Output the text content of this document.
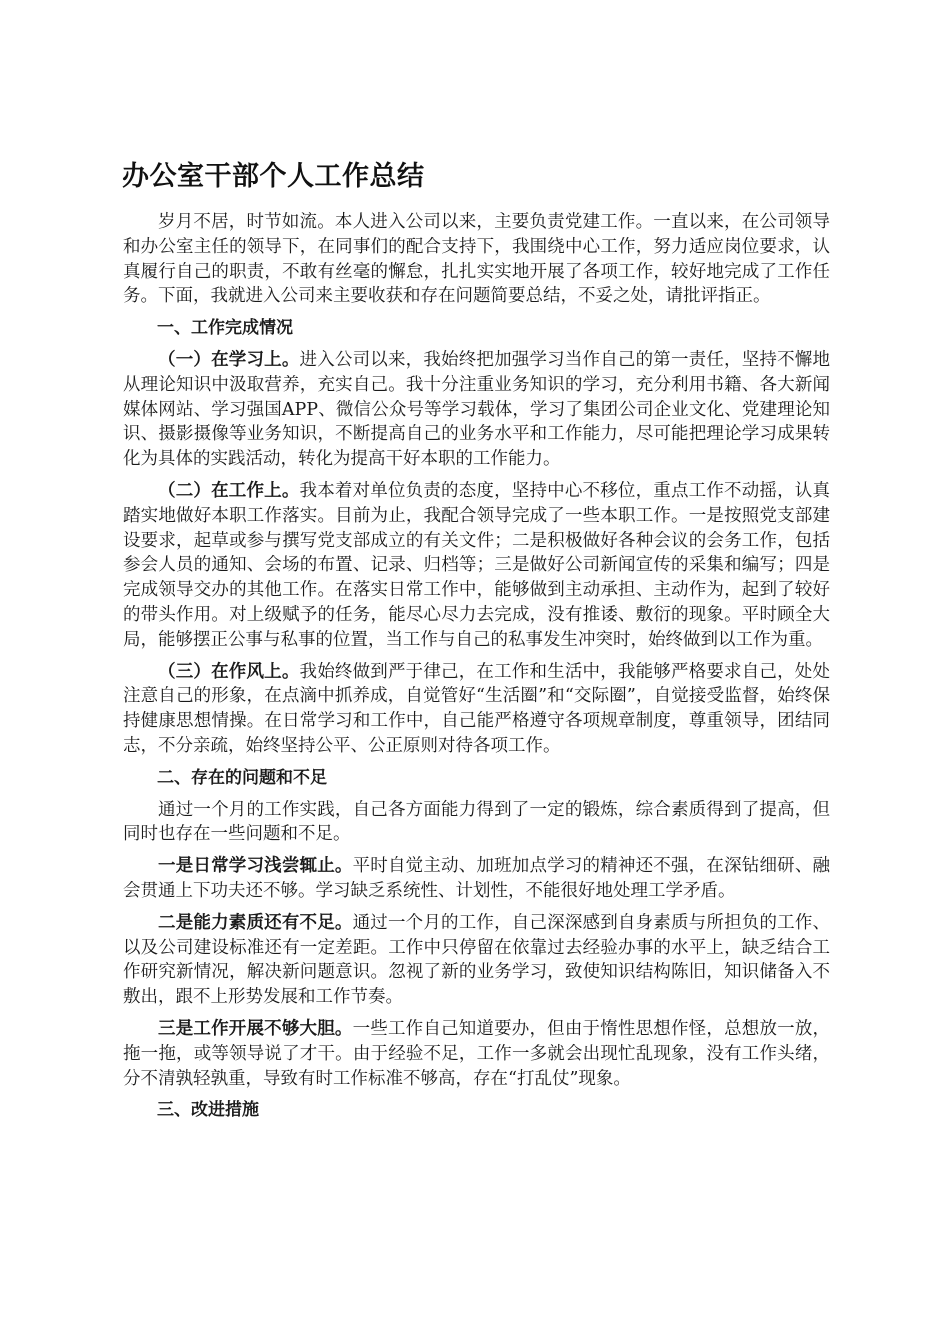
办公室干部个人工作总结

岁月不居，时节如流。本人进入公司以来，主要负责党建工作。一直以来，在公司领导和办公室主任的领导下，在同事们的配合支持下，我围绕中心工作，努力适应岗位要求，认真履行自己的职责，不敢有丝毫的懈怠，扎扎实实地开展了各项工作，较好地完成了工作任务。下面，我就进入公司来主要收获和存在问题简要总结，不妥之处，请批评指正。

一、工作完成情况

（一）在学习上。进入公司以来，我始终把加强学习当作自己的第一责任，坚持不懈地从理论知识中汲取营养，充实自己。我十分注重业务知识的学习，充分利用书籍、各大新闻媒体网站、学习强国APP、微信公众号等学习载体，学习了集团公司企业文化、党建理论知识、摄影摄像等业务知识，不断提高自己的业务水平和工作能力，尽可能把理论学习成果转化为具体的实践活动，转化为提高干好本职的工作能力。

（二）在工作上。我本着对单位负责的态度，坚持中心不移位，重点工作不动摇，认真踏实地做好本职工作落实。目前为止，我配合领导完成了一些本职工作。一是按照党支部建设要求，起草或参与撰写党支部成立的有关文件；二是积极做好各种会议的会务工作，包括参会人员的通知、会场的布置、记录、归档等；三是做好公司新闻宣传的采集和编写；四是完成领导交办的其他工作。在落实日常工作中，能够做到主动承担、主动作为，起到了较好的带头作用。对上级赋予的任务，能尽心尽力去完成，没有推诿、敷衍的现象。平时顾全大局，能够摆正公事与私事的位置，当工作与自己的私事发生冲突时，始终做到以工作为重。

（三）在作风上。我始终做到严于律己，在工作和生活中，我能够严格要求自己，处处注意自己的形象，在点滴中抓养成，自觉管好“生活圈”和“交际圈”，自觉接受监督，始终保持健康思想情操。在日常学习和工作中，自己能严格遵守各项规章制度，尊重领导，团结同志，不分亲疏，始终坚持公平、公正原则对待各项工作。

二、存在的问题和不足

通过一个月的工作实践，自己各方面能力得到了一定的锻炼，综合素质得到了提高，但同时也存在一些问题和不足。

一是日常学习浅尝辄止。平时自觉主动、加班加点学习的精神还不强，在深钻细研、融会贯通上下功夫还不够。学习缺乏系统性、计划性，不能很好地处理工学矛盾。

二是能力素质还有不足。通过一个月的工作，自己深深感到自身素质与所担负的工作、以及公司建设标准还有一定差距。工作中只停留在依靠过去经验办事的水平上，缺乏结合工作研究新情况，解决新问题意识。忽视了新的业务学习，致使知识结构陈旧，知识储备入不敷出，跟不上形势发展和工作节奏。

三是工作开展不够大胆。一些工作自己知道要办，但由于惰性思想作怪，总想放一放，拖一拖，或等领导说了才干。由于经验不足，工作一多就会出现忙乱现象，没有工作头绪，分不清孰轻孰重，导致有时工作标准不够高，存在“打乱仗”现象。

三、改进措施
